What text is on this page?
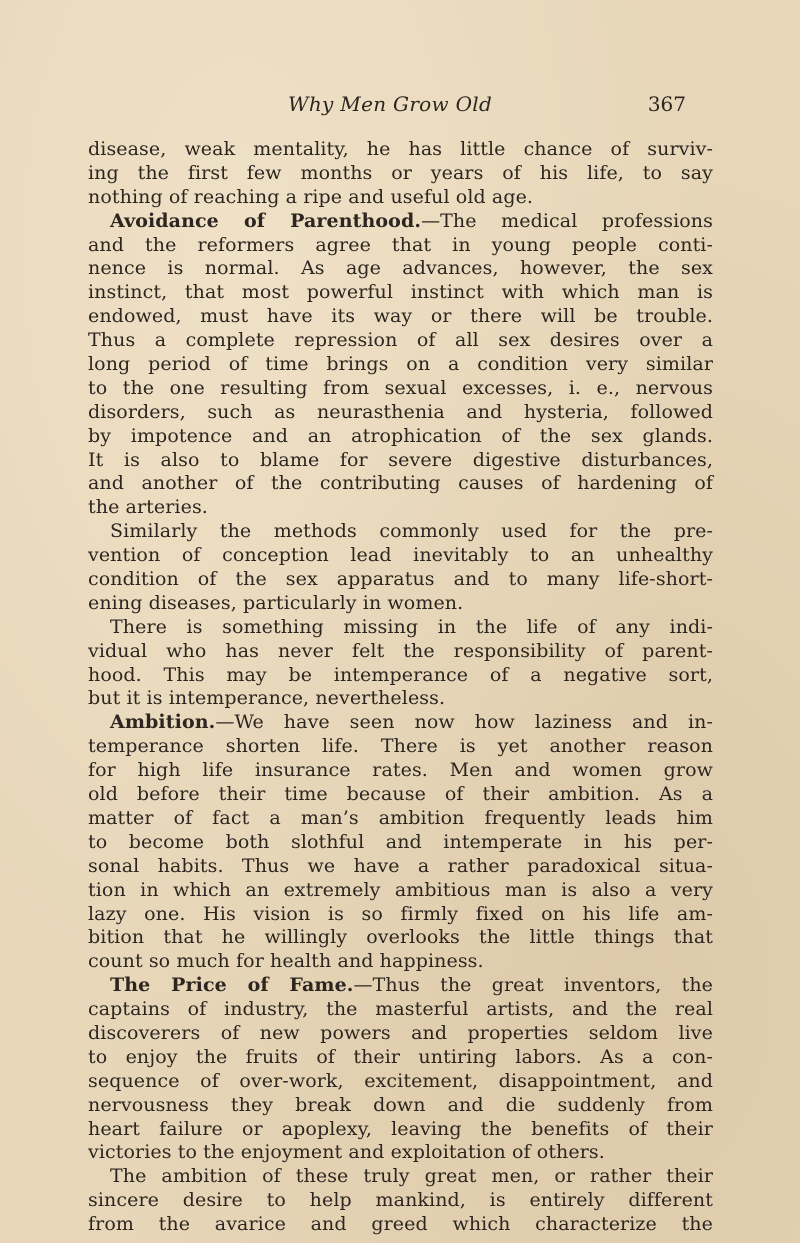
Why Men Grow Old	367
disease, weak mentality, he has little chance of surviv-
ing the first few months or years of his life, to say
nothing of reaching a ripe and useful old age.
Avoidance of Parenthood.—The medical professions
and the reformers agree that in young people conti-
nence is normal. As age advances, however, the sex
instinct, that most powerful instinct with which man is
endowed, must have its way or there will be trouble.
Thus a complete repression of all sex desires over a
long period of time brings on a condition very similar
to the one resulting from sexual excesses, i. e., nervous
disorders, such as neurasthenia and hysteria, followed
by impotence and an atrophication of the sex glands.
It is also to blame for severe digestive disturbances,
and another of the contributing causes of hardening of
the arteries.
Similarly the methods commonly used for the pre-
vention of conception lead inevitably to an unhealthy
condition of the sex apparatus and to many life-short-
ening diseases, particularly in women.
There is something missing in the life of any indi-
vidual who has never felt the responsibility of parent-
hood. This may be intemperance of a negative sort,
but it is intemperance, nevertheless.
Ambition.—We have seen now how laziness and in-
temperance shorten life. There is yet another reason
for high life insurance rates. Men and women grow
old before their time because of their ambition. As a
matter of fact a man’s ambition frequently leads him
to become both slothful and intemperate in his per-
sonal habits. Thus we have a rather paradoxical situa-
tion in which an extremely ambitious man is also a very
lazy one. His vision is so firmly fixed on his life am-
bition that he willingly overlooks the little things that
count so much for health and happiness.
The Price of Fame.—Thus the great inventors, the
captains of industry, the masterful artists, and the real
discoverers of new powers and properties seldom live
to enjoy the fruits of their untiring labors. As a con-
sequence of over-work, excitement, disappointment, and
nervousness they break down and die suddenly from
heart failure or apoplexy, leaving the benefits of their
victories to the enjoyment and exploitation of others.
The ambition of these truly great men, or rather their
sincere desire to help mankind, is entirely different
from the avarice and greed which characterize the
